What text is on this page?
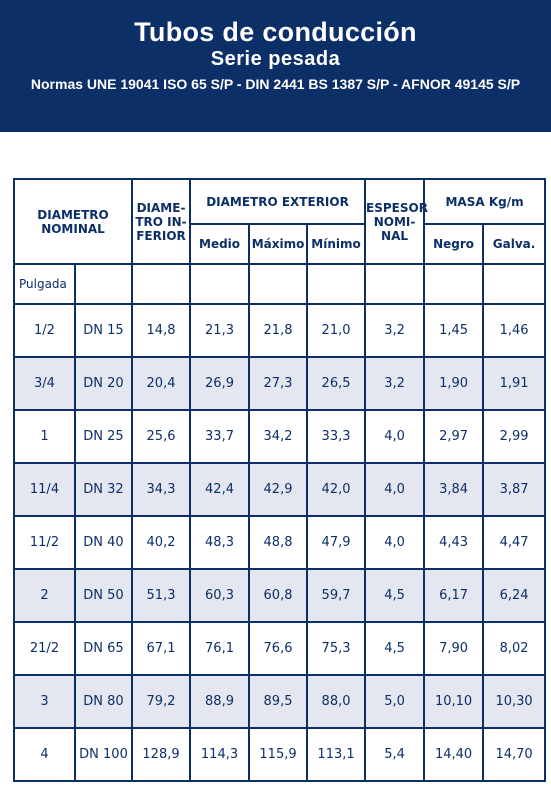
Tubos de conducción
Serie pesada
Normas UNE 19041 ISO 65 S/P - DIN 2441 BS 1387 S/P - AFNOR 49145 S/P
DIAMETRO NOMINAL		DIAME-TRO IN-FERIOR	DIAMETRO EXTERIOR			ESPESOR NOMI-NAL	MASA Kg/m	
			Medio	Máximo	Mínimo		Negro	Galva.
Pulgada								
1/2	DN 15	14,8	21,3	21,8	21,0	3,2	1,45	1,46
3/4	DN 20	20,4	26,9	27,3	26,5	3,2	1,90	1,91
1	DN 25	25,6	33,7	34,2	33,3	4,0	2,97	2,99
11/4	DN 32	34,3	42,4	42,9	42,0	4,0	3,84	3,87
11/2	DN 40	40,2	48,3	48,8	47,9	4,0	4,43	4,47
2	DN 50	51,3	60,3	60,8	59,7	4,5	6,17	6,24
21/2	DN 65	67,1	76,1	76,6	75,3	4,5	7,90	8,02
3	DN 80	79,2	88,9	89,5	88,0	5,0	10,10	10,30
4	DN 100	128,9	114,3	115,9	113,1	5,4	14,40	14,70
